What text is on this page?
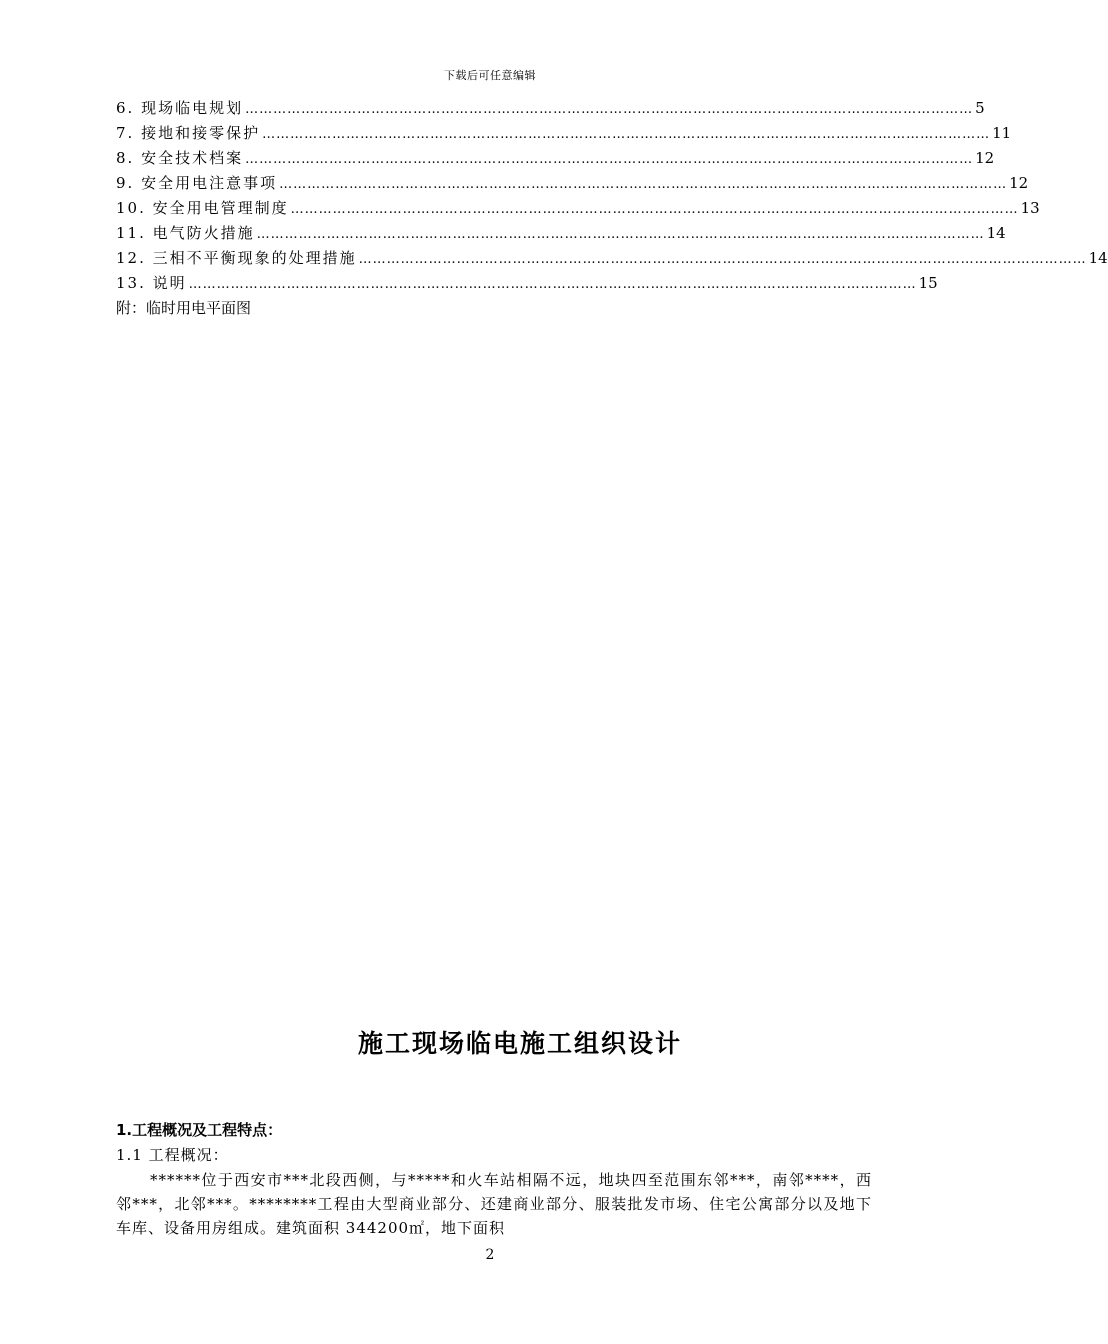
下载后可任意编辑
6. 现场临电规划 ………………………………………………………………………………………………………………………………………… 5
7. 接地和接零保护 ………………………………………………………………………………………………………………………………………… 11
8. 安全技术档案 ………………………………………………………………………………………………………………………………………… 12
9. 安全用电注意事项 ………………………………………………………………………………………………………………………………………… 12
10. 安全用电管理制度 ………………………………………………………………………………………………………………………………………… 13
11. 电气防火措施 ………………………………………………………………………………………………………………………………………… 14
12. 三相不平衡现象的处理措施 ………………………………………………………………………………………………………………………………………… 14
13. 说明 ………………………………………………………………………………………………………………………………………… 15
附：临时用电平面图
施工现场临电施工组织设计
1.工程概况及工程特点：
1.1 工程概况：
******位于西安市***北段西侧，与*****和火车站相隔不远，地块四至范围东邻***，南邻****，西邻***，北邻***。********工程由大型商业部分、还建商业部分、服装批发市场、住宅公寓部分以及地下车库、设备用房组成。建筑面积 344200㎡，地下面积
2
